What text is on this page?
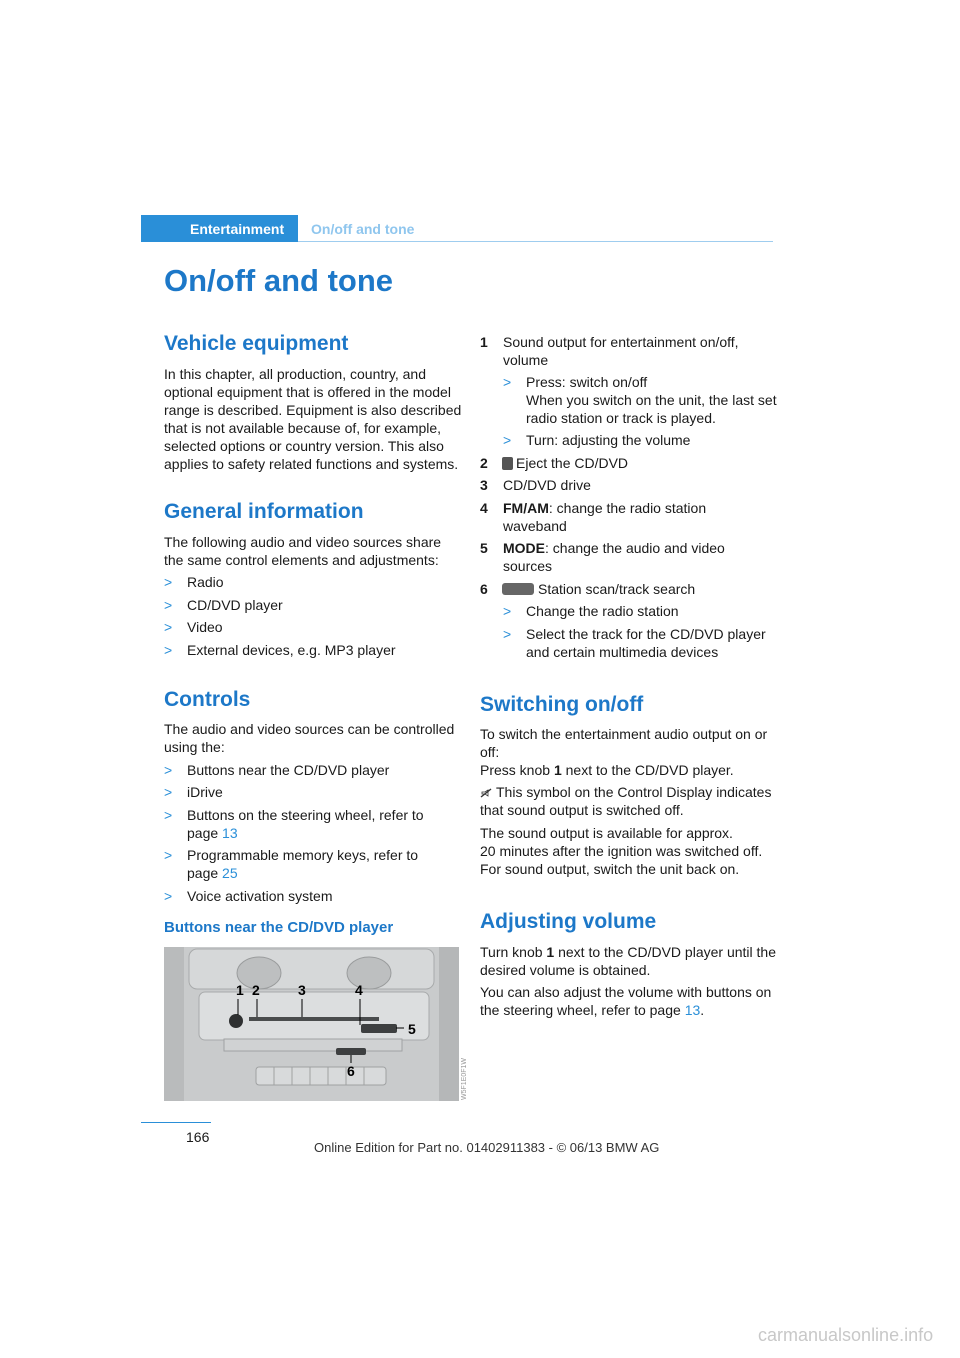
Entertainment On/off and tone
On/off and tone
Vehicle equipment
In this chapter, all production, country, and
optional equipment that is offered in the model
range is described. Equipment is also described
that is not available because of, for example,
selected options or country version. This also
applies to safety related functions and systems.
General information
The following audio and video sources share
the same control elements and adjustments:
> Radio
> CD/DVD player
> Video
> External devices, e.g. MP3 player
Controls
The audio and video sources can be controlled
using the:
> Buttons near the CD/DVD player
> iDrive
> Buttons on the steering wheel, refer to
page 13
> Programmable memory keys, refer to
page 25
> Voice activation system
Buttons near the CD/DVD player
1 2	3	4
5
6	W5F1E0F1W
1 Sound output for entertainment on/off,
volume
> Press: switch on/off
When you switch on the unit, the last set
radio station or track is played.
> Turn: adjusting the volume
2	Eject the CD/DVD
3 CD/DVD drive
4 FM/AM: change the radio station
waveband
5 MODE: change the audio and video
sources
6	Station scan/track search
> Change the radio station
> Select the track for the CD/DVD player
and certain multimedia devices
Switching on/off
To switch the entertainment audio output on or
off:
Press knob 1 next to the CD/DVD player.
This symbol on the Control Display indicates
that sound output is switched off.
The sound output is available for approx.
20 minutes after the ignition was switched off.
For sound output, switch the unit back on.
Adjusting volume
Turn knob 1 next to the CD/DVD player until the
desired volume is obtained.
You can also adjust the volume with buttons on
the steering wheel, refer to page 13.
166
Online Edition for Part no. 01402911383 - © 06/13 BMW AG
carmanualsonline.info
